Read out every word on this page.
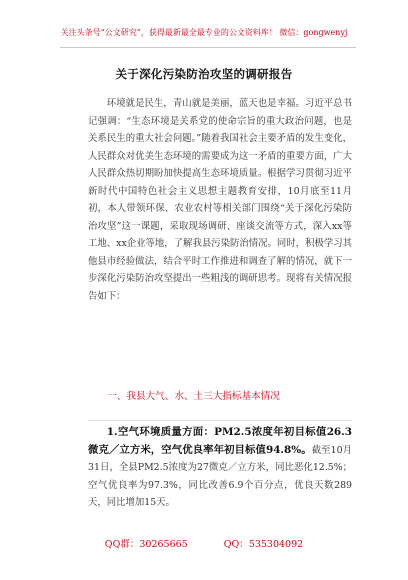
关注头条号“公文研究”，获得最新最全最专业的公文资料库！ 微信：gongwenyj
关于深化污染防治攻坚的调研报告
环境就是民生，青山就是美丽，蓝天也是幸福。习近平总书记强调：“生态环境是关系党的使命宗旨的重大政治问题，也是关系民生的重大社会问题。”随着我国社会主要矛盾的发生变化，人民群众对优美生态环境的需要成为这一矛盾的重要方面，广大人民群众热切期盼加快提高生态环境质量。根据学习贯彻习近平新时代中国特色社会主义思想主题教育安排，10月底至11月初，本人带领环保、农业农村等相关部门围绕“关于深化污染防治攻坚”这一课题，采取现场调研、座谈交流等方式，深入xx等工地、xx企业等地，了解我县污染防治情况。同时，积极学习其他县市经验做法，结合平时工作推进和调查了解的情况，就下一步深化污染防治攻坚提出一些粗浅的调研思考。现将有关情况报告如下：
一、我县大气、水、土三大指标基本情况
1.空气环境质量方面：PM2.5浓度年初目标值26.3微克／立方米，空气优良率年初目标值94.8%。截至10月31日，全县PM2.5浓度为27微克／立方米，同比恶化12.5%；空气优良率为97.3%，同比改善6.9个百分点，优良天数289天，同比增加15天。
QQ群：30265665	QQ：535304092
